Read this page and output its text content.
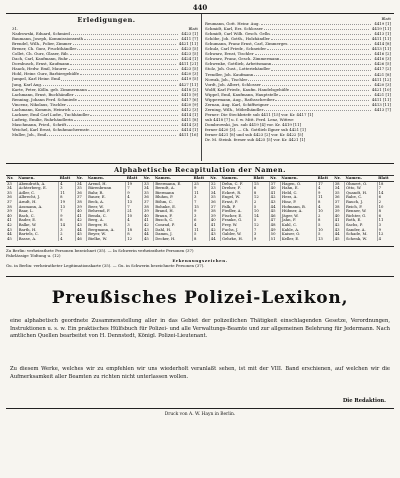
440
Erledigungen.
31.	Blatt
Nadrowski, Eduard, Schmied	4423 [1]
Baumann, Joseph, Kommissionsrath	4411 [7]
Brendel, Wilh., Polier, Zimmer	4421 [11]
Brener, Ch. Gurz, Fruchthändler	4423 [5]
Collet, Ch. Gurz, Glaser, Rib.	4423 [5]
Dach, Carl, Kaufmann, Ruhr	4424 [1]
Dornbusch, Ernst, Kaufmann	4411 [21]
Haack, Hedw. Emil, Maurer	4423 [5]
Hohl, Heinr. Gurz, Barbiergehülfe	4420 [3]
Jumpel, Karl Heinr. Emil	4419 [5]
Jung, Karl Aug.	4427 [11]
Karte, Peter, Kölln. geb. Zimmermann	4418 [2]
Lachmann, Ernst, Buchhändler	4415 [9]
Renning, Johann Ferd. Schmiede	4417 [6]
Vincenz, Nikolaus, Tischler	4420 [9]
Lachmann, Kommis, Heinrich	4412 [3]
Lackner, Emil Carl Ludw., Tuchhändler	4414 [1]
Ludwig, Emilie, Ruhrhändlerin	4411 [8]
Maschmann, Fried., Schrift	4414 [3]
Weichel, Karl Ernst, Schuhmachermstr.	4414 [1]
Muller, Joh., Emil	4411 [16]
Blatt
Reumann, Gott. Heinr. Aug.	4419 [1]
Schmidt, Karl, Erz. Schlosser	4419 [11]
Schmidt, Carl Wilh. Gesch. Gelln.	4413 [1]
Schöbe, Joh. Gotth., Holzhändler	4411 [11]
Schumann, Franz Ernst, Carl, Zimmerges.	4414 [8]
Schulz, Carl Friedr., Schneider	4413 [11]
Schwarz, Ernst, Tischler	4416 [2]
Schwarz, Franz, Gesch. Zimmermann	4416 [3]
Schwenke, Gottlieb, Arbeitsmann	4426 [5]
Stolz, Joh. Gust., Lotteriehändler	4417 [2]
Trendler, Joh. Kaufmann	4421 [8]
Nowak, Joh., Tischler	4411 [12]
Vordt, Joh. Albert, Schlosser	4420 [3]
Wolff, Karl Friedr., Kaufm. Handelsgehülfe	4421 [10]
Wippel, Emil, Kaufmann, Hauptstelle	4421 [1]
Wippermann, Aug., Rathsschreiber	4411 [11]
Zernan, Aug. Karl, Schiffseigner	4413 [11]
Zerning, Wilh., Möbelhändler	4413 [7]
Ferner: Die Steckbriefe sub 4411 [15] vor. Kr. 4417 [1]
sub 4418 [7] u. f. w. Mitt. Ferd. Lenz, Wittwe
Dombrowski, Jos. sub 4419 [4] vor. Kr. 4419 [11]
ferner 4420 [3]. — Ch. Gottlieb Ilgner sub 4421 [1]
ferner 4421 [8] und sub 4423 [2] vor. Kr. 4422 [5]
Dr. M. Steinb. ferner sub 4425 [5] vor. Kr. 4421 [1]
Alphabetische Recapitulation der Namen.
Nr.	Namen.	Blatt	Nr.	Namen.	Blatt	Nr.	Namen.	Blatt	Nr.	Namen.	Blatt	Nr.	Namen.	Blatt	Nr.	Namen.	Blatt
33	Abendroth, A.	4	34	Arend, H.	19	33	Beermann, E.	25	32	Dehn, C. F.	15	37	Hagen, O.	17	38	Ohmert, O.	18
34	Achterberg, E.	3	35	Bärenbrunn	7	34	Berndt, A.	9	33	Dreher, F.	6	40	Hahn, E.	4	34	Otto, W.	7
35	Adler, C.	11	36	Bahr, R.	9	35	Biermann	11	34	Eckert, R.	8	41	Held, C.	9	35	Quandt, H.	14
36	Albrecht, J.	8	37	Bauer, E.	4	36	Bluhm, P.	3	35	Engel, W.	12	42	Herz, A.	11	36	Rabe, C.	6
37	Arndt, H.	19	38	Beck, A.	13	37	Böhm, C.	7	36	Ernst, P.	2	43	Hinz, P.	8	37	Rauch, J.	2
38	Assmann, A.	13	39	Beer, W.	7	38	Bohnke, E.	15	37	Falk, P.	5	44	Hofmann, B.	4	38	Reich, F.	10
39	Baar, L.	7	40	Behrend, F.	21	39	Brand, H.	9	38	Fiedler, A.	10	45	Hübner, A.	10	39	Renner, W.	8
40	Bach, C.	9	41	Benda, C.	10	40	Braun, F.	3	39	Fischer, E.	14	46	Jäger, W.	2	40	Richter, G.	6
41	Bader, E.	8	42	Berg, A.	4	41	Busch, C.	6	40	Franke, G.	5	47	Jahn, F.	8	41	Roth, E.	11
42	Balke, W.	14	43	Berger, H.	3	42	Conrad, P.	4	41	Frey, W.	12	48	Kahl, C.	5	42	Sachs, P.	3
43	Barth, H.	3	44	Bergmann, A.	18	43	Dahl, H.	11	42	Fuchs, J.	7	49	Kahle, A.	10	43	Sander, A.	9
44	Bartels, C.	2	45	Beyer, W.	8	44	Damm, J.	5	43	Gabler, W.	3	50	Kaiser, O.	5	44	Schade, M.	12
45	Basse, A.	4	46	Bielke, W.	12	45	Decker, H.	8	44	Gehrke, H.	9	51	Keller, E.	13	45	Schenk, W.	4
Zu Berlin: verheirathete Personen bezeichnet (35). — In Schwerin verheirathete Personen (37)
Fahrlässige Tödtung u. (12)
Erkennungszeichen.
Gu. in Berlin: verheiratheter Legitimationskarte (35). — Gu. in Schwerin bezeichnete Personen (37).
Preußisches Polizei-Lexikon,
eine alphabetisch geordnete Zusammenstellung aller in das Gebiet der polizeilichen Thätigkeit einschlagenden Gesetze, Verordnungen, Instruktionen u. s. w. Ein praktisches Hülfsbuch für Polizei- und alle Verwaltungs-Beamte und zur allgemeinen Belehrung für Jedermann. Nach amtlichen Quellen bearbeitet von H. Dennstedt, Königl. Polizei-Lieutenant.
Zu diesem Werke, welches wir zu empfehlen wir uns wiederholt veranlaßt sehen, ist mit der VIII. Band erschienen, auf welchen wir die Aufmerksamkeit aller Beamten zu richten nicht unterlassen wollen.
Die Redaktion.
Druck von A. W. Hayn in Berlin.
